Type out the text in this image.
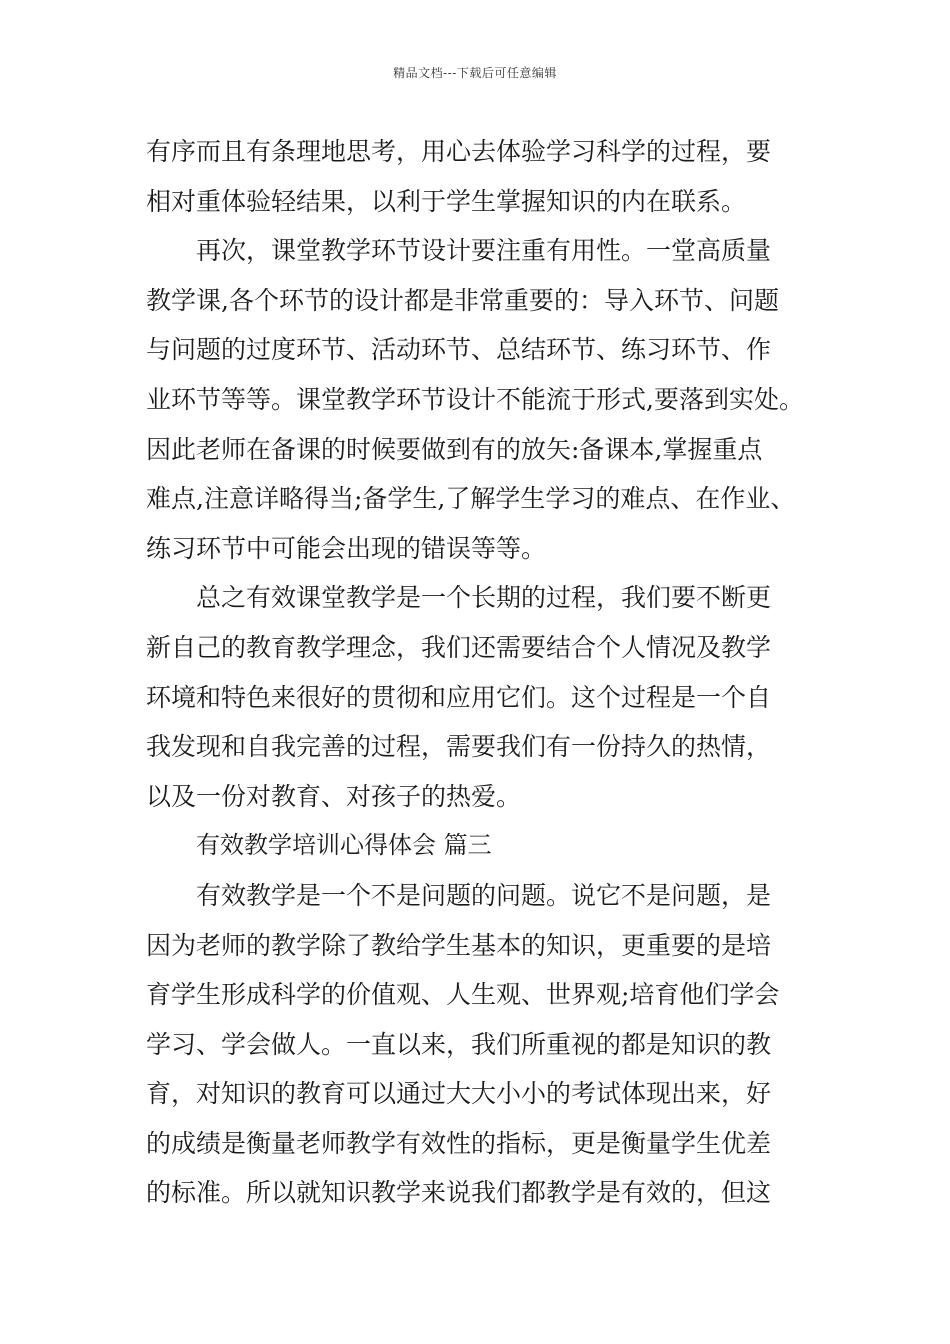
精品文档---下载后可任意编辑
有序而且有条理地思考，用心去体验学习科学的过程，要
相对重体验轻结果，以利于学生掌握知识的内在联系。
再次，课堂教学环节设计要注重有用性。一堂高质量
教学课,各个环节的设计都是非常重要的：导入环节、问题
与问题的过度环节、活动环节、总结环节、练习环节、作
业环节等等。课堂教学环节设计不能流于形式,要落到实处。
因此老师在备课的时候要做到有的放矢:备课本,掌握重点
难点,注意详略得当;备学生,了解学生学习的难点、在作业、
练习环节中可能会出现的错误等等。
总之有效课堂教学是一个长期的过程，我们要不断更
新自己的教育教学理念，我们还需要结合个人情况及教学
环境和特色来很好的贯彻和应用它们。这个过程是一个自
我发现和自我完善的过程，需要我们有一份持久的热情，
以及一份对教育、对孩子的热爱。
有效教学培训心得体会 篇三
有效教学是一个不是问题的问题。说它不是问题，是
因为老师的教学除了教给学生基本的知识，更重要的是培
育学生形成科学的价值观、人生观、世界观;培育他们学会
学习、学会做人。一直以来，我们所重视的都是知识的教
育，对知识的教育可以通过大大小小的考试体现出来，好
的成绩是衡量老师教学有效性的指标，更是衡量学生优差
的标准。所以就知识教学来说我们都教学是有效的，但这
